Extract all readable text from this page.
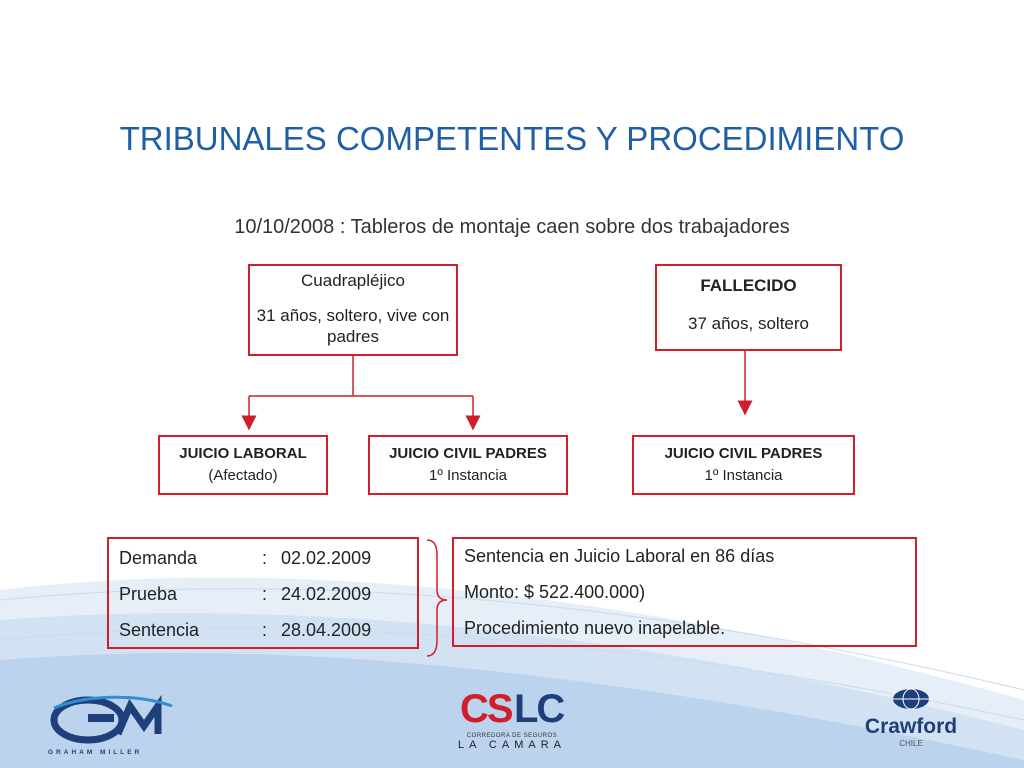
TRIBUNALES COMPETENTES Y PROCEDIMIENTO
10/10/2008 : Tableros de montaje caen sobre dos trabajadores
Cuadrapléjico
31 años, soltero, vive con padres
FALLECIDO
37 años, soltero
JUICIO LABORAL
(Afectado)
JUICIO CIVIL PADRES
1º Instancia
JUICIO CIVIL PADRES
1º Instancia
Demanda	: 02.02.2009
Prueba	: 24.02.2009
Sentencia	: 28.04.2009
Sentencia en Juicio Laboral en 86 días
Monto: $ 522.400.000)
Procedimiento nuevo inapelable.
GRAHAM MILLER
CS LC
CORREDORA DE SEGUROS
LA CAMARA
Crawford
CHILE
